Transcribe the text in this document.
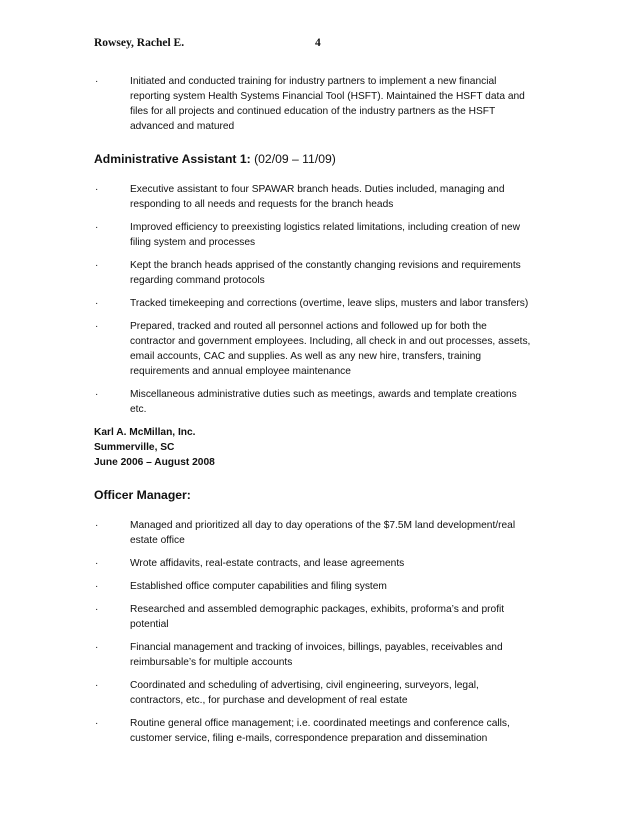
Rowsey, Rachel E.	4
·	Initiated and conducted training for industry partners to implement a new financial reporting system Health Systems Financial Tool (HSFT). Maintained the HSFT data and files for all projects and continued education of the industry partners as the HSFT advanced and matured
Administrative Assistant 1: (02/09 – 11/09)
·	Executive assistant to four SPAWAR branch heads. Duties included, managing and responding to all needs and requests for the branch heads
·	Improved efficiency to preexisting logistics related limitations, including creation of new filing system and processes
·	Kept the branch heads apprised of the constantly changing revisions and requirements regarding command protocols
·	Tracked timekeeping and corrections (overtime, leave slips, musters and labor transfers)
·	Prepared, tracked and routed all personnel actions and followed up for both the contractor and government employees. Including, all check in and out processes, assets, email accounts, CAC and supplies. As well as any new hire, transfers, training requirements and annual employee maintenance
·	Miscellaneous administrative duties such as meetings, awards and template creations etc.
Karl A. McMillan, Inc.
Summerville, SC
June 2006 – August 2008
Officer Manager:
·	Managed and prioritized all day to day operations of the $7.5M land development/real estate office
·	Wrote affidavits, real-estate contracts, and lease agreements
·	Established office computer capabilities and filing system
·	Researched and assembled demographic packages, exhibits, proforma’s and profit potential
·	Financial management and tracking of invoices, billings, payables, receivables and reimbursable’s for multiple accounts
·	Coordinated and scheduling of advertising, civil engineering, surveyors, legal, contractors, etc., for purchase and development of real estate
·	Routine general office management; i.e. coordinated meetings and conference calls, customer service, filing e-mails, correspondence preparation and dissemination
